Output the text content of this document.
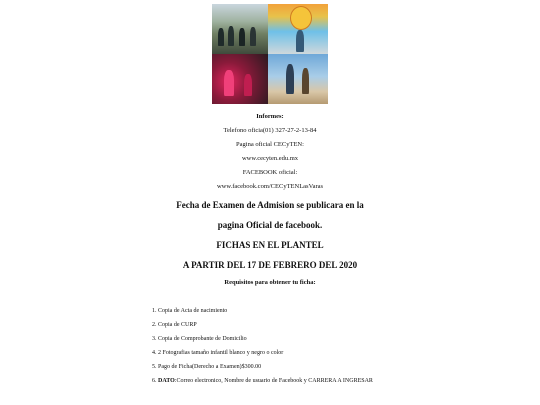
Informes:
Telefono oficia(01) 327-27-2-13-84
Pagina oficial CECyTEN:
www.cecyten.edu.mx
FACEBOOK oficial:
www.facebook.com/CECyTENLasVaras
Fecha de Examen de Admision se publicara en la
pagina Oficial de facebook.
FICHAS EN EL PLANTEL
A PARTIR DEL 17 DE FEBRERO DEL 2020
Requisitos para obtener tu ficha:
1. Copia de Acta de nacimiento
2. Copia de CURP
3. Copia de Comprobante de Domicilio
4. 2 Fotografias tamaño infantil blanco y negro o color
5. Pago de Ficha(Derecho a Examen)$300.00
6. DATO:Correo electronico, Nombre de usuario de Facebook y CARRERA A INGRESAR
